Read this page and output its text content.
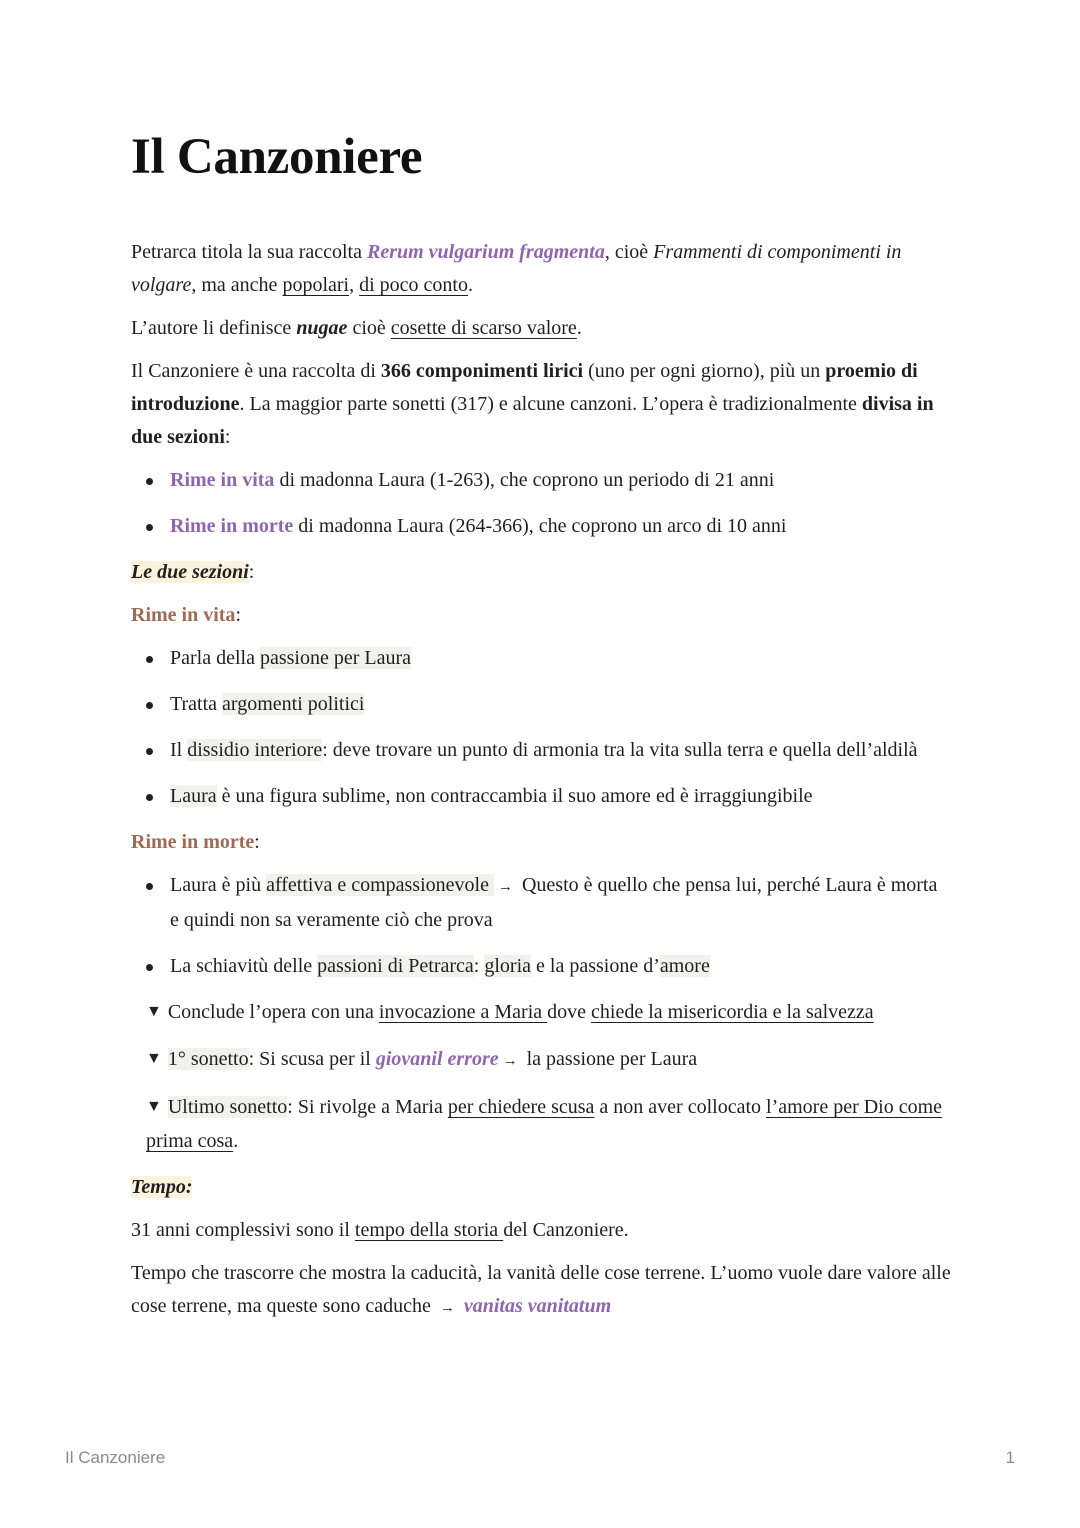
Il Canzoniere

Petrarca titola la sua raccolta Rerum vulgarium fragmenta, cioè Frammenti di componimenti in volgare, ma anche popolari, di poco conto.

L’autore li definisce nugae cioè cosette di scarso valore.

Il Canzoniere è una raccolta di 366 componimenti lirici (uno per ogni giorno), più un proemio di introduzione. La maggior parte sonetti (317) e alcune canzoni. L’opera è tradizionalmente divisa in due sezioni:

Rime in vita di madonna Laura (1-263), che coprono un periodo di 21 anni
Rime in morte di madonna Laura (264-366), che coprono un arco di 10 anni

Le due sezioni:

Rime in vita:

Parla della passione per Laura
Tratta argomenti politici
Il dissidio interiore: deve trovare un punto di armonia tra la vita sulla terra e quella dell’aldilà
Laura è una figura sublime, non contraccambia il suo amore ed è irraggiungibile

Rime in morte:

Laura è più affettiva e compassionevole → Questo è quello che pensa lui, perché Laura è morta e quindi non sa veramente ciò che prova
La schiavitù delle passioni di Petrarca: gloria e la passione d’amore
▼ Conclude l’opera con una invocazione a Maria dove chiede la misericordia e la salvezza
▼ 1° sonetto: Si scusa per il giovanil errore → la passione per Laura
▼ Ultimo sonetto: Si rivolge a Maria per chiedere scusa a non aver collocato l’amore per Dio come prima cosa.

Tempo:

31 anni complessivi sono il tempo della storia del Canzoniere.

Tempo che trascorre che mostra la caducità, la vanità delle cose terrene. L’uomo vuole dare valore alle cose terrene, ma queste sono caduche → vanitas vanitatum

Il Canzoniere	1
